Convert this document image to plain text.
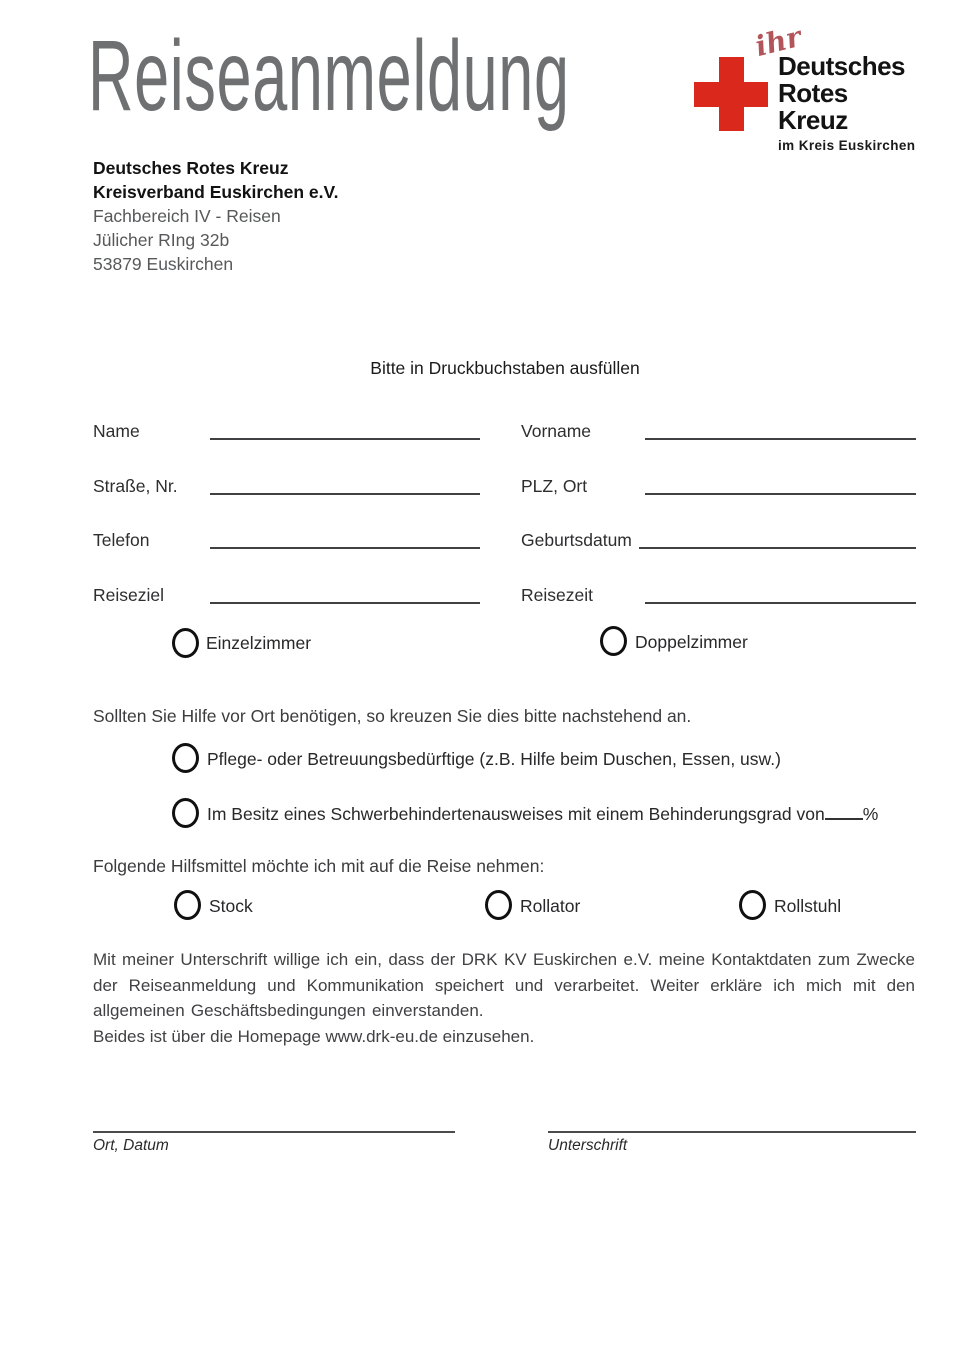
Reiseanmeldung	ihr
Deutsches
Rotes
Kreuz
im Kreis Euskirchen
Deutsches Rotes Kreuz
Kreisverband Euskirchen e.V.
Fachbereich IV - Reisen
Jülicher RIng 32b
53879 Euskirchen
Bitte in Druckbuchstaben ausfüllen
Name	Vorname
Straße, Nr.	PLZ, Ort
Telefon	Geburtsdatum
Reiseziel	Reisezeit
Einzelzimmer	Doppelzimmer
Sollten Sie Hilfe vor Ort benötigen, so kreuzen Sie dies bitte nachstehend an.
Pflege- oder Betreuungsbedürftige (z.B. Hilfe beim Duschen, Essen, usw.)
Im Besitz eines Schwerbehindertenausweises mit einem Behinderungsgrad von %
Folgende Hilfsmittel möchte ich mit auf die Reise nehmen:
Stock	Rollator	Rollstuhl
Mit meiner Unterschrift willige ich ein, dass der DRK KV Euskirchen e.V. meine Kontaktdaten zum Zwecke der Reiseanmeldung und Kommunikation speichert und verarbeitet. Weiter erkläre ich mich mit den allgemeinen Geschäftsbedingungen einverstanden.
Beides ist über die Homepage www.drk-eu.de einzusehen.
Ort, Datum	Unterschrift
